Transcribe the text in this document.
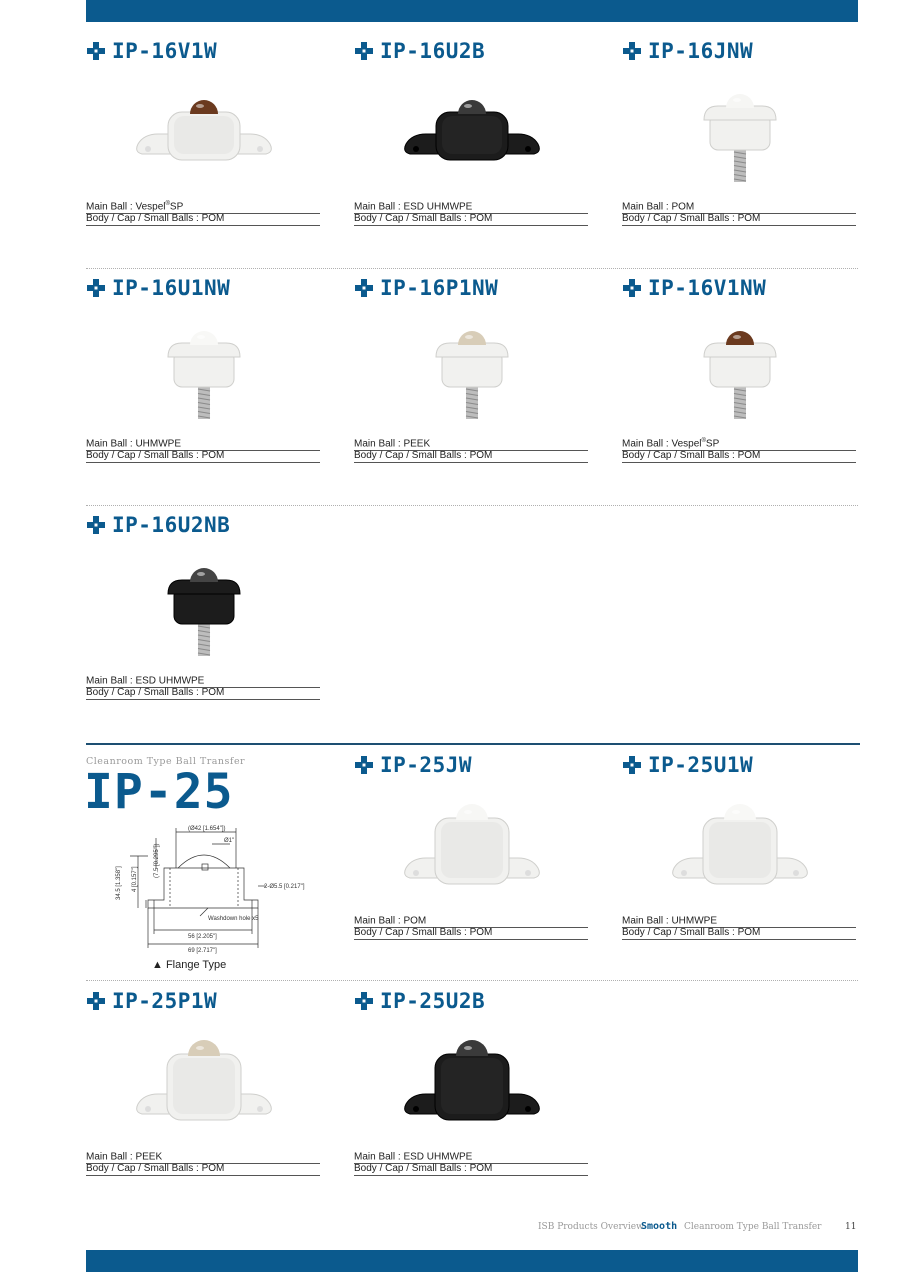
IP-16V1W
Main Ball : Vespel®SP
Body / Cap / Small Balls : POM
IP-16U2B
Main Ball : ESD UHMWPE
Body / Cap / Small Balls : POM
IP-16JNW
Main Ball : POM
Body / Cap / Small Balls : POM
IP-16U1NW
Main Ball : UHMWPE
Body / Cap / Small Balls : POM
IP-16P1NW
Main Ball : PEEK
Body / Cap / Small Balls : POM
IP-16V1NW
Main Ball : Vespel®SP
Body / Cap / Small Balls : POM
IP-16U2NB
Main Ball : ESD UHMWPE
Body / Cap / Small Balls : POM
Cleanroom Type Ball Transfer
IP-25
(Ø42 [1.654"])
Ø1"
(7.5 [0.295"])
34.5 [1.358"] 4 [0.157"]	2-Ø5.5 [0.217"]
Washdown hole x5
56 [2.205"]
69 [2.717"]
▲ Flange Type
IP-25JW
Main Ball : POM
Body / Cap / Small Balls : POM
IP-25U1W
Main Ball : UHMWPE
Body / Cap / Small Balls : POM
IP-25P1W
Main Ball : PEEK
Body / Cap / Small Balls : POM
IP-25U2B
Main Ball : ESD UHMWPE
Body / Cap / Small Balls : POM
ISB Products Overview
Smooth Cleanroom Type Ball Transfer	11
